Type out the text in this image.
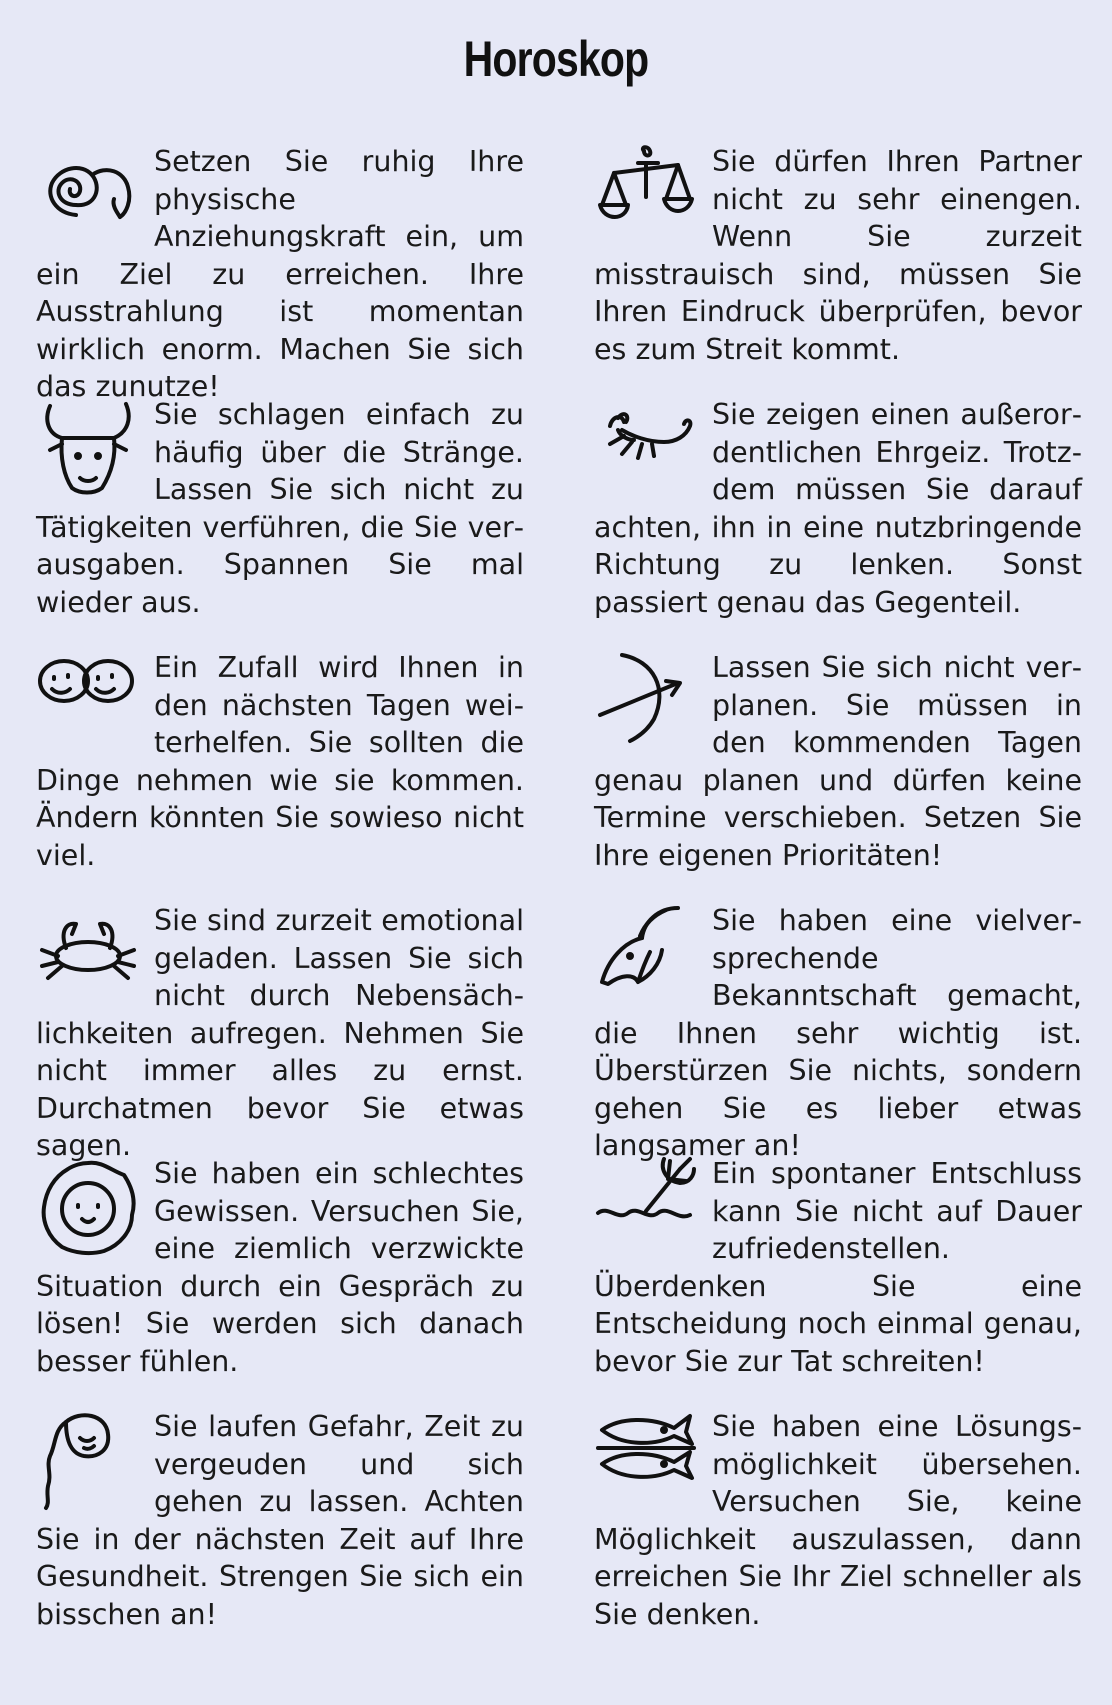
Horoskop

Setzen Sie ruhig Ihre physische Anziehungskraft ein, um ein Ziel zu erreichen. Ihre Ausstrahlung ist momentan wirklich enorm. Machen Sie sich das zunutze!

Sie schlagen einfach zu häufig über die Stränge. Lassen Sie sich nicht zu Tätigkeiten verführen, die Sie verausgaben. Spannen Sie mal wieder aus.

Ein Zufall wird Ihnen in den nächsten Tagen weiterhelfen. Sie sollten die Dinge nehmen wie sie kommen. Ändern könnten Sie sowieso nicht viel.

Sie sind zurzeit emotional geladen. Lassen Sie sich nicht durch Nebensächlichkeiten aufregen. Nehmen Sie nicht immer alles zu ernst. Durchatmen bevor Sie etwas sagen.

Sie haben ein schlechtes Gewissen. Versuchen Sie, eine ziemlich verzwickte Situation durch ein Gespräch zu lösen! Sie werden sich danach besser fühlen.

Sie laufen Gefahr, Zeit zu vergeuden und sich gehen zu lassen. Achten Sie in der nächsten Zeit auf Ihre Gesundheit. Strengen Sie sich ein bisschen an!

Sie dürfen Ihren Partner nicht zu sehr einengen. Wenn Sie zurzeit misstrauisch sind, müssen Sie Ihren Eindruck überprüfen, bevor es zum Streit kommt.

Sie zeigen einen außerordentlichen Ehrgeiz. Trotzdem müssen Sie darauf achten, ihn in eine nutzbringende Richtung zu lenken. Sonst passiert genau das Gegenteil.

Lassen Sie sich nicht verplanen. Sie müssen in den kommenden Tagen genau planen und dürfen keine Termine verschieben. Setzen Sie Ihre eigenen Prioritäten!

Sie haben eine vielversprechende Bekanntschaft gemacht, die Ihnen sehr wichtig ist. Überstürzen Sie nichts, sondern gehen Sie es lieber etwas langsamer an!

Ein spontaner Entschluss kann Sie nicht auf Dauer zufriedenstellen. Überdenken Sie eine Entscheidung noch einmal genau, bevor Sie zur Tat schreiten!

Sie haben eine Lösungsmöglichkeit übersehen. Versuchen Sie, keine Möglichkeit auszulassen, dann erreichen Sie Ihr Ziel schneller als Sie denken.
